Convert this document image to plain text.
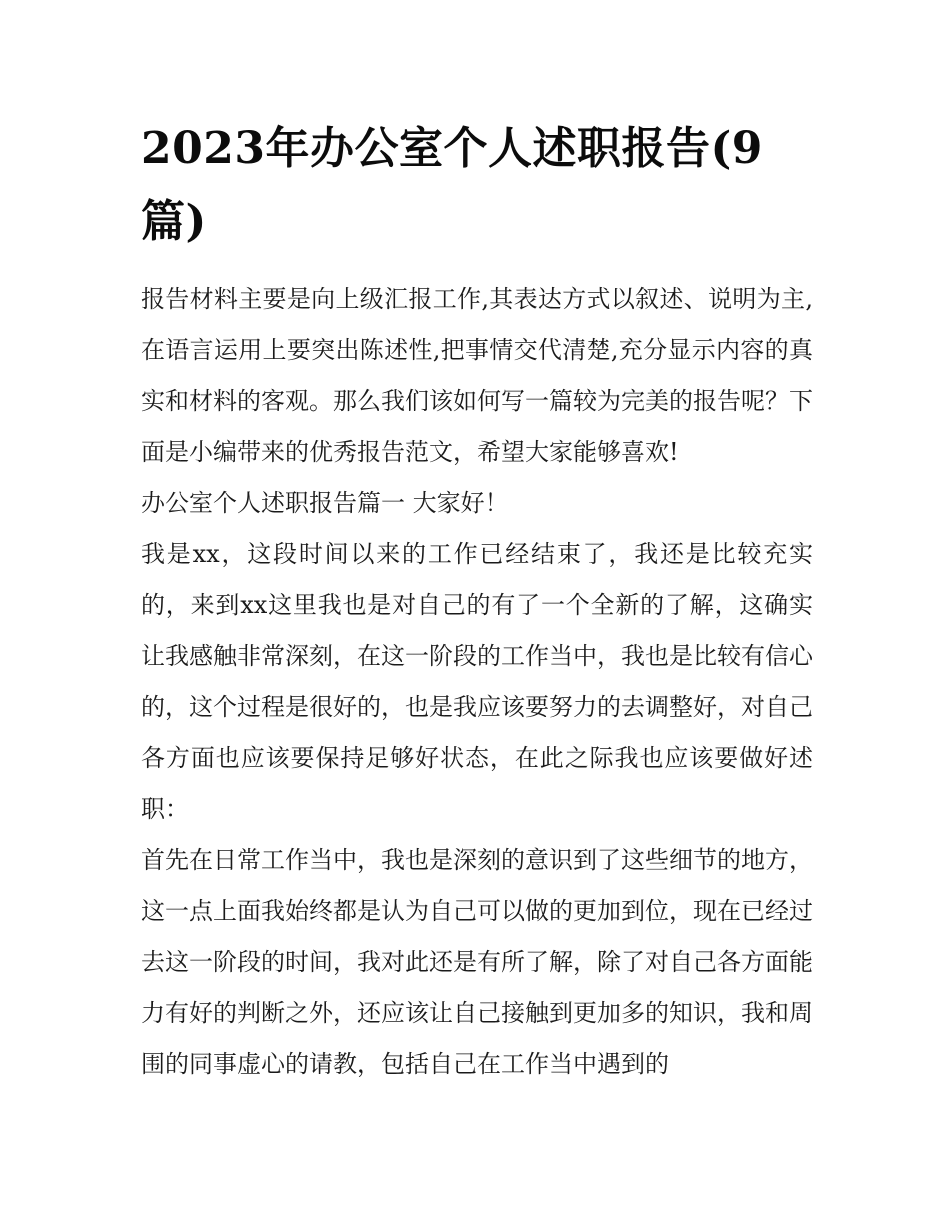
2023年办公室个人述职报告(9篇)

报告材料主要是向上级汇报工作,其表达方式以叙述、说明为主,在语言运用上要突出陈述性,把事情交代清楚,充分显示内容的真实和材料的客观。那么我们该如何写一篇较为完美的报告呢？下面是小编带来的优秀报告范文，希望大家能够喜欢!

办公室个人述职报告篇一 大家好！

我是xx，这段时间以来的工作已经结束了，我还是比较充实的，来到xx这里我也是对自己的有了一个全新的了解，这确实让我感触非常深刻，在这一阶段的工作当中，我也是比较有信心的，这个过程是很好的，也是我应该要努力的去调整好，对自己各方面也应该要保持足够好状态，在此之际我也应该要做好述职：

首先在日常工作当中，我也是深刻的意识到了这些细节的地方，这一点上面我始终都是认为自己可以做的更加到位，现在已经过去这一阶段的时间，我对此还是有所了解，除了对自己各方面能力有好的判断之外，还应该让自己接触到更加多的知识，我和周围的同事虚心的请教，包括自己在工作当中遇到的
